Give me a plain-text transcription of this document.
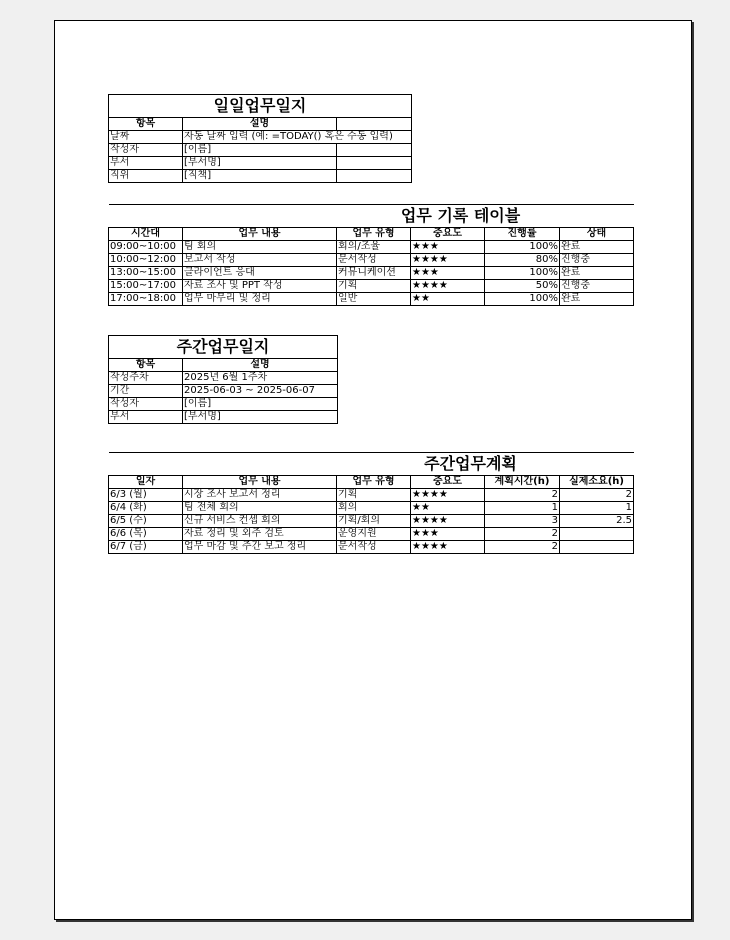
일일업무일지		
항목	설명	
날짜	자동 날짜 입력 (예: =TODAY() 혹은 수동 입력)	
작성자	[이름]	
부서	[부서명]	
직위	[직책]	
업무 기록 테이블					
시간대	업무 내용	업무 유형	중요도	진행률	상태
09:00~10:00	팀 회의	회의/조율	★★★	100%	완료
10:00~12:00	보고서 작성	문서작성	★★★★	80%	진행중
13:00~15:00	클라이언트 응대	커뮤니케이션	★★★	100%	완료
15:00~17:00	자료 조사 및 PPT 작성	기획	★★★★	50%	진행중
17:00~18:00	업무 마무리 및 정리	일반	★★	100%	완료
주간업무일지	
항목	설명
작성주차	2025년 6월 1주차
기간	2025-06-03 ~ 2025-06-07
작성자	[이름]
부서	[부서명]
주간업무계획					
일자	업무 내용	업무 유형	중요도	계획시간(h)	실제소요(h)
6/3 (월)	시장 조사 보고서 정리	기획	★★★★	2	2
6/4 (화)	팀 전체 회의	회의	★★	1	1
6/5 (수)	신규 서비스 컨셉 회의	기획/회의	★★★★	3	2.5
6/6 (목)	자료 정리 및 외주 검토	운영지원	★★★	2	
6/7 (금)	업무 마감 및 주간 보고 정리	문서작성	★★★★	2	
